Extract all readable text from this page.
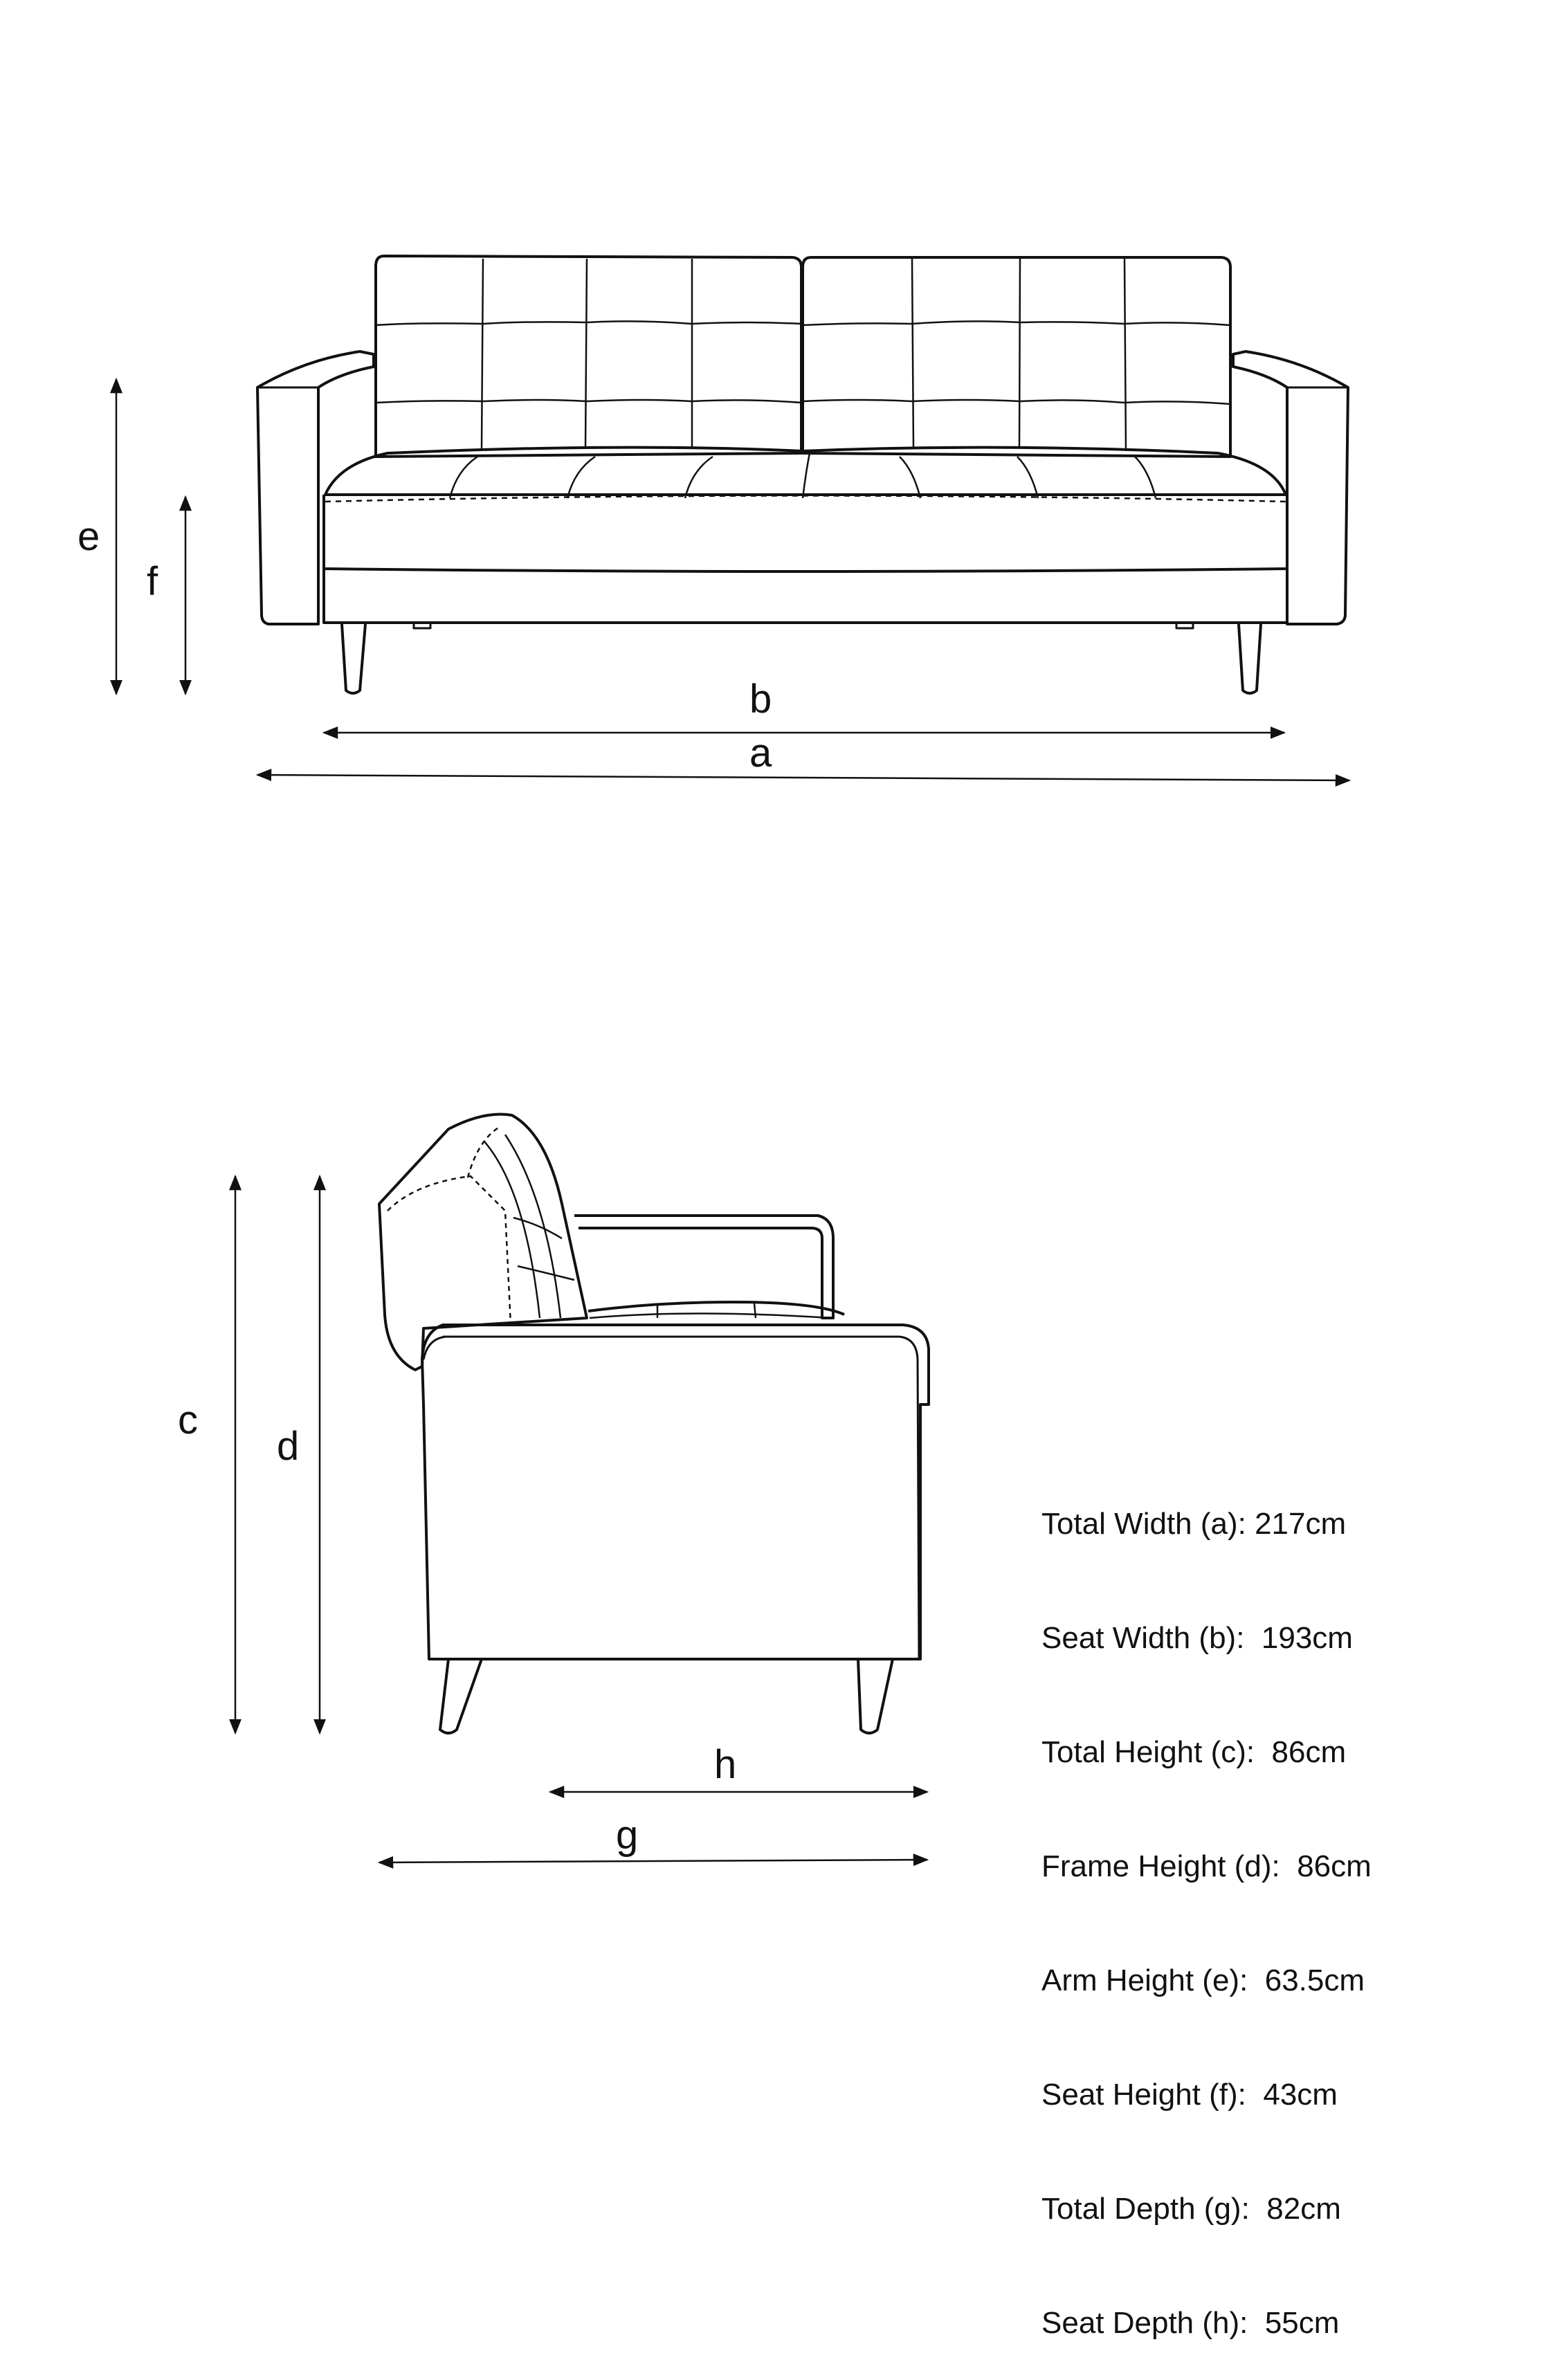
e
f
b
a
c
d
h
g

Total Width (a): 217cm

Seat Width (b):  193cm

Total Height (c):  86cm

Frame Height (d):  86cm

Arm Height (e):  63.5cm

Seat Height (f):  43cm

Total Depth (g):  82cm

Seat Depth (h):  55cm
